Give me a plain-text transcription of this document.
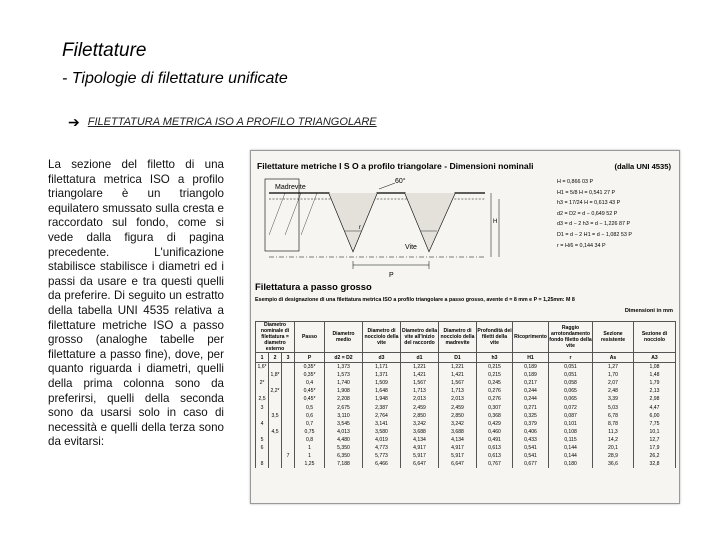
Filettature
- Tipologie di filettature unificate
➔ FILETTATURA METRICA ISO A PROFILO TRIANGOLARE

La sezione del filetto di una filettatura metrica ISO a profilo triangolare è un triangolo equilatero smussato sulla cresta e raccordato sul fondo, come si vede dalla figura di pagina precedente. L'unificazione stabilisce stabilisce i diametri ed i passi da usare e tra questi quelli da preferire. Di seguito un estratto della tabella UNI 4535 relativa a filettature metriche ISO a passo grosso (analoghe tabelle per filettature a passo fine), dove, per quanto riguarda i diametri, quelli della prima colonna sono da preferirsi, quelli della seconda sono da usarsi solo in caso di necessità e quelli della terza sono da evitarsi:

Filettature metriche I S O a profilo triangolare - Dimensioni nominali	(dalla UNI 4535)
Madrevite
Vite
60°
P
H
r
H = 0,866 03 P
H1 = 5/8 H = 0,541 27 P
h3 = 17/24 H = 0,613 43 P
d2 = D2 = d − 0,649 52 P
d3 = d − 2 h3 = d − 1,226 87 P
D1 = d − 2 H1 = d − 1,082 53 P
r = H/6 = 0,144 34 P
Filettatura a passo grosso
Esempio di designazione di una filettatura metrica ISO a profilo triangolare a passo grosso, avente d = 8 mm e P = 1,25mm: M 8
Dimensioni in mm
Diametro nominale di filettatura = diametro esterno			Passo	Diametro medio	Diametro di nocciolo della vite	Diametro della vite all'inizio del raccordo	Diametro di nocciolo della madrevite	Profondità dei filetti della vite	Ricoprimento	Raggio arrotondamento fondo filetto della vite	Sezione resistente	Sezione di nocciolo
1	2	3	P	d2 = D2	d3	d1	D1	h3	H1	r	As	A3
1,6*			0,35*	1,373	1,171	1,221	1,221	0,215	0,189	0,051	1,27	1,08
	1,8*		0,35*	1,573	1,371	1,421	1,421	0,215	0,189	0,051	1,70	1,48
2*			0,4	1,740	1,509	1,567	1,567	0,245	0,217	0,058	2,07	1,79
	2,2*		0,45*	1,908	1,648	1,713	1,713	0,276	0,244	0,065	2,48	2,13
2,5			0,45*	2,208	1,948	2,013	2,013	0,276	0,244	0,065	3,39	2,98
3			0,5	2,675	2,387	2,459	2,459	0,307	0,271	0,072	5,03	4,47
	3,5		0,6	3,110	2,764	2,850	2,850	0,368	0,325	0,087	6,78	6,00
4			0,7	3,545	3,141	3,242	3,242	0,429	0,379	0,101	8,78	7,75
	4,5		0,75	4,013	3,580	3,688	3,688	0,460	0,406	0,108	11,3	10,1
5			0,8	4,480	4,019	4,134	4,134	0,491	0,433	0,115	14,2	12,7
6			1	5,350	4,773	4,917	4,917	0,613	0,541	0,144	20,1	17,9
		7	1	6,350	5,773	5,917	5,917	0,613	0,541	0,144	28,9	26,2
8			1,25	7,188	6,466	6,647	6,647	0,767	0,677	0,180	36,6	32,8
